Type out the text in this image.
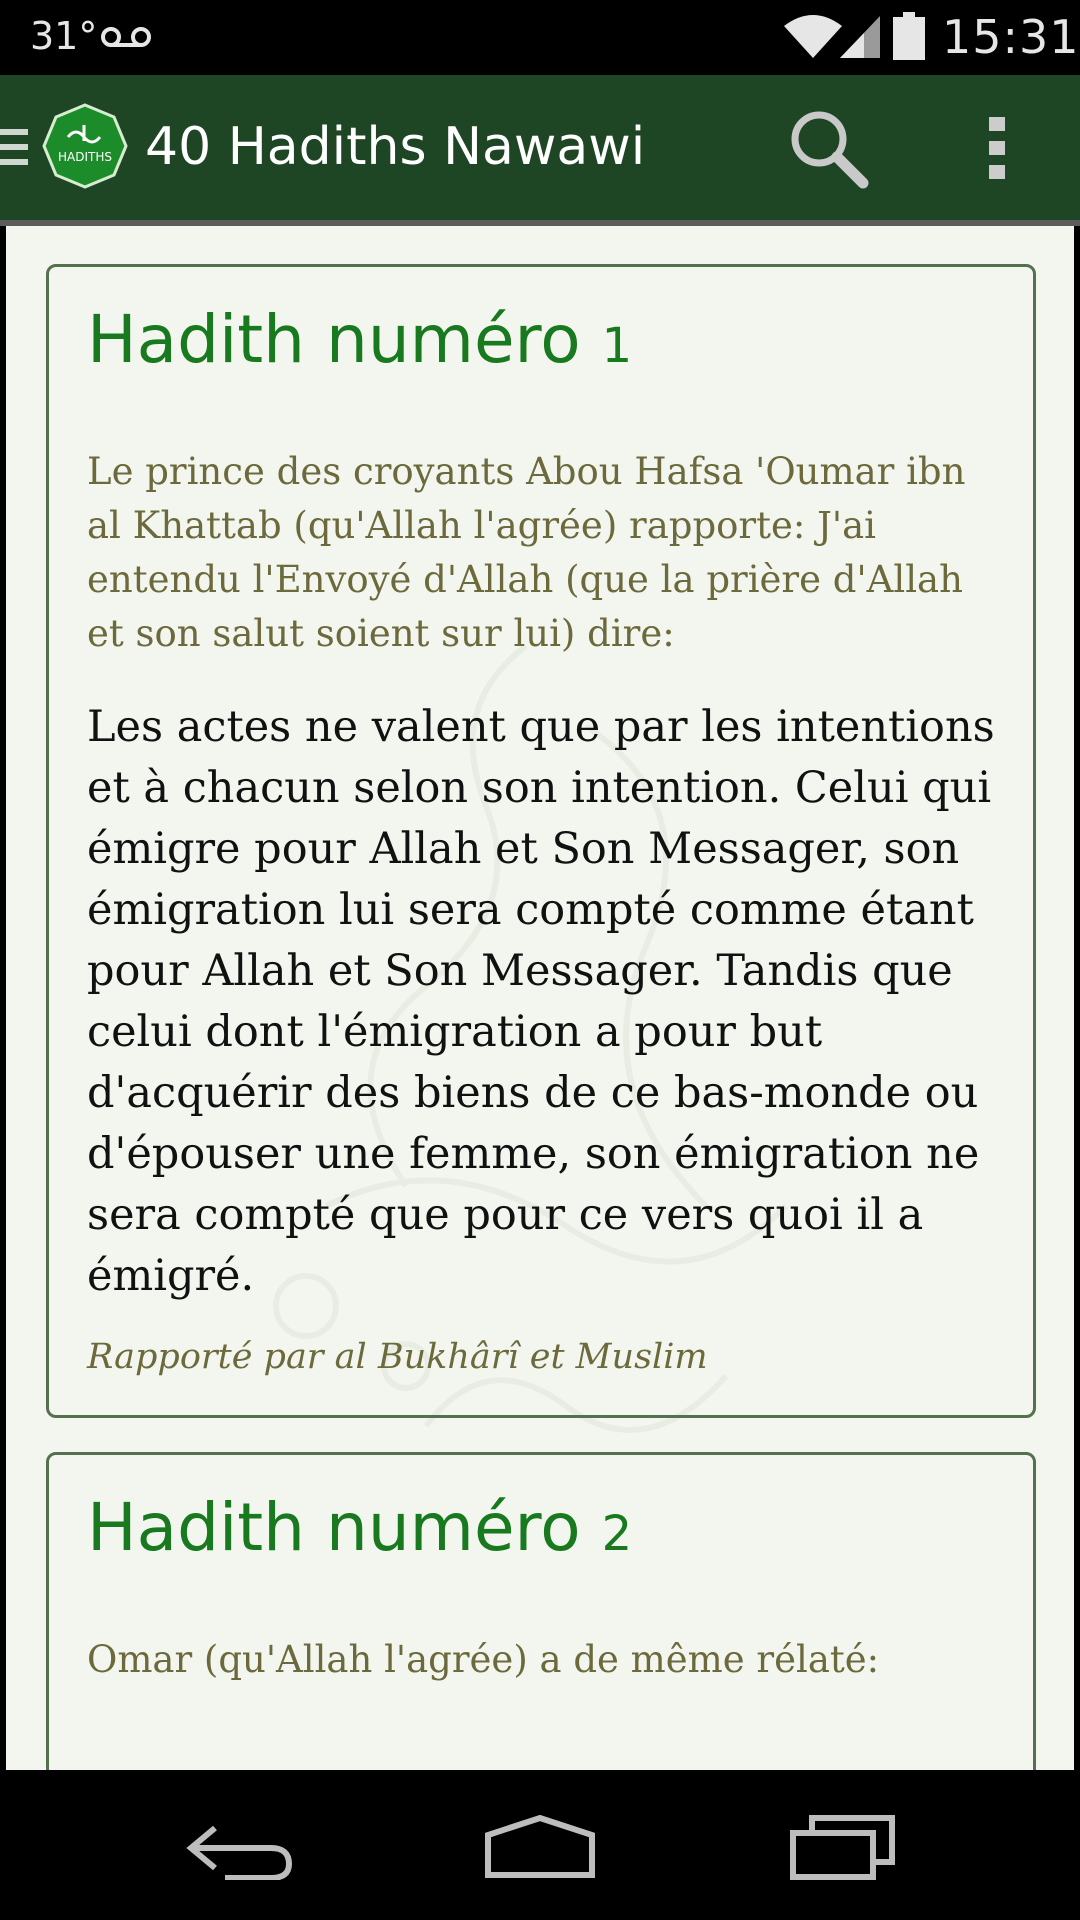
31°	15:31
HADITHS 40 Hadiths Nawawi
Hadith numéro 1
Le prince des croyants Abou Hafsa 'Oumar ibn al Khattab (qu'Allah l'agrée) rapporte: J'ai entendu l'Envoyé d'Allah (que la prière d'Allah et son salut soient sur lui) dire:
Les actes ne valent que par les intentions et à chacun selon son intention. Celui qui émigre pour Allah et Son Messager, son émigration lui sera compté comme étant pour Allah et Son Messager. Tandis que celui dont l'émigration a pour but d'acquérir des biens de ce bas-monde ou d'épouser une femme, son émigration ne sera compté que pour ce vers quoi il a émigré.
Rapporté par al Bukhârî et Muslim
Hadith numéro 2
Omar (qu'Allah l'agrée) a de même rélaté:
